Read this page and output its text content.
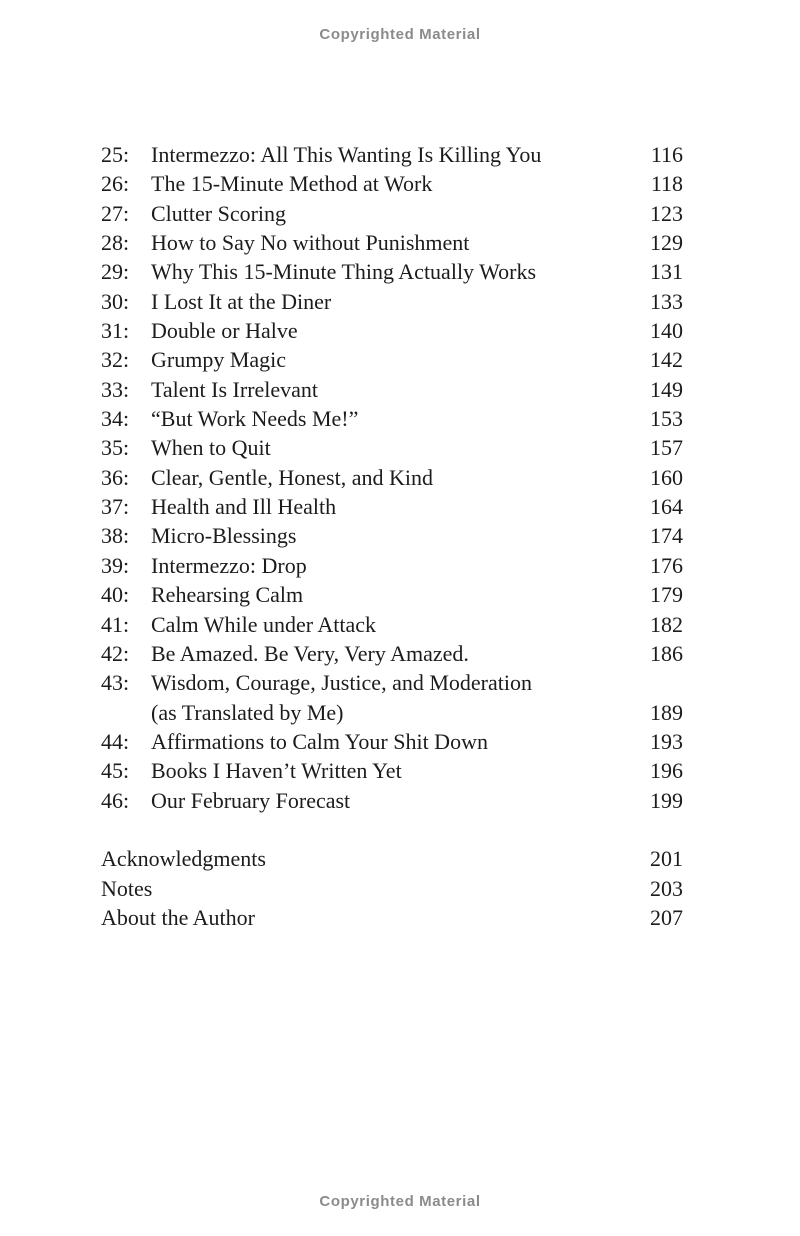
Copyrighted Material
25: Intermezzo: All This Wanting Is Killing You	116
26: The 15-Minute Method at Work	118
27: Clutter Scoring	123
28: How to Say No without Punishment	129
29: Why This 15-Minute Thing Actually Works	131
30: I Lost It at the Diner	133
31: Double or Halve	140
32: Grumpy Magic	142
33: Talent Is Irrelevant	149
34: “But Work Needs Me!”	153
35: When to Quit	157
36: Clear, Gentle, Honest, and Kind	160
37: Health and Ill Health	164
38: Micro-Blessings	174
39: Intermezzo: Drop	176
40: Rehearsing Calm	179
41: Calm While under Attack	182
42: Be Amazed. Be Very, Very Amazed.	186
43: Wisdom, Courage, Justice, and Moderation
(as Translated by Me)	189
44: Affirmations to Calm Your Shit Down	193
45: Books I Haven’t Written Yet	196
46: Our February Forecast	199
Acknowledgments	201
Notes	203
About the Author	207
Copyrighted Material
